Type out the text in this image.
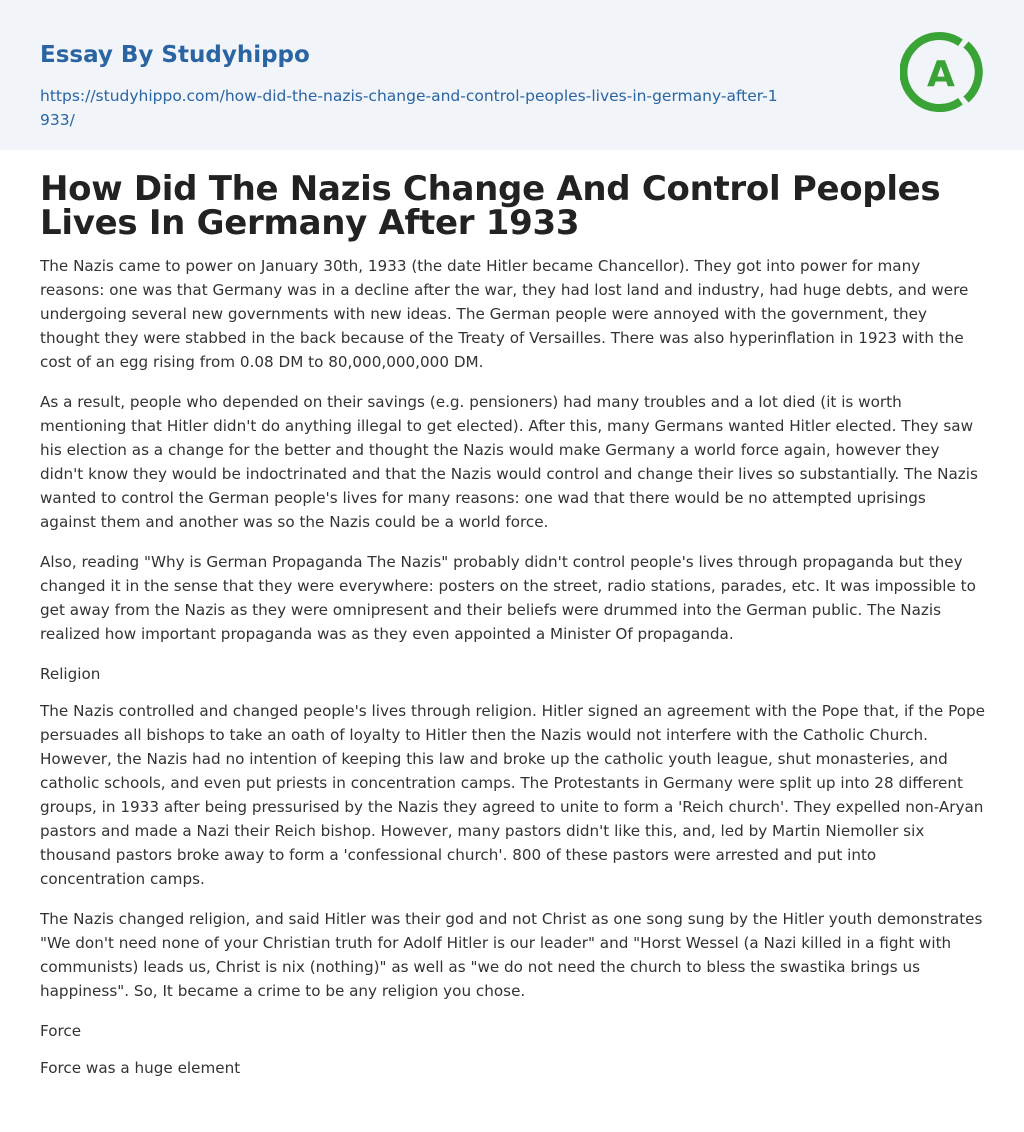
Essay By Studyhippo
https://studyhippo.com/how-did-the-nazis-change-and-control-peoples-lives-in-germany-after-1933/
A
How Did The Nazis Change And Control Peoples Lives In Germany After 1933

The Nazis came to power on January 30th, 1933 (the date Hitler became Chancellor). They got into power for many reasons: one was that Germany was in a decline after the war, they had lost land and industry, had huge debts, and were undergoing several new governments with new ideas. The German people were annoyed with the government, they thought they were stabbed in the back because of the Treaty of Versailles. There was also hyperinflation in 1923 with the cost of an egg rising from 0.08 DM to 80,000,000,000 DM.

As a result, people who depended on their savings (e.g. pensioners) had many troubles and a lot died (it is worth mentioning that Hitler didn't do anything illegal to get elected). After this, many Germans wanted Hitler elected. They saw his election as a change for the better and thought the Nazis would make Germany a world force again, however they didn't know they would be indoctrinated and that the Nazis would control and change their lives so substantially. The Nazis wanted to control the German people's lives for many reasons: one wad that there would be no attempted uprisings against them and another was so the Nazis could be a world force.

Also, reading "Why is German Propaganda The Nazis" probably didn't control people's lives through propaganda but they changed it in the sense that they were everywhere: posters on the street, radio stations, parades, etc. It was impossible to get away from the Nazis as they were omnipresent and their beliefs were drummed into the German public. The Nazis realized how important propaganda was as they even appointed a Minister Of propaganda.

Religion

The Nazis controlled and changed people's lives through religion. Hitler signed an agreement with the Pope that, if the Pope persuades all bishops to take an oath of loyalty to Hitler then the Nazis would not interfere with the Catholic Church. However, the Nazis had no intention of keeping this law and broke up the catholic youth league, shut monasteries, and catholic schools, and even put priests in concentration camps. The Protestants in Germany were split up into 28 different groups, in 1933 after being pressurised by the Nazis they agreed to unite to form a 'Reich church'. They expelled non-Aryan pastors and made a Nazi their Reich bishop. However, many pastors didn't like this, and, led by Martin Niemoller six thousand pastors broke away to form a 'confessional church'. 800 of these pastors were arrested and put into concentration camps.

The Nazis changed religion, and said Hitler was their god and not Christ as one song sung by the Hitler youth demonstrates "We don't need none of your Christian truth for Adolf Hitler is our leader" and "Horst Wessel (a Nazi killed in a fight with communists) leads us, Christ is nix (nothing)" as well as "we do not need the church to bless the swastika brings us happiness". So, It became a crime to be any religion you chose.

Force

Force was a huge element
